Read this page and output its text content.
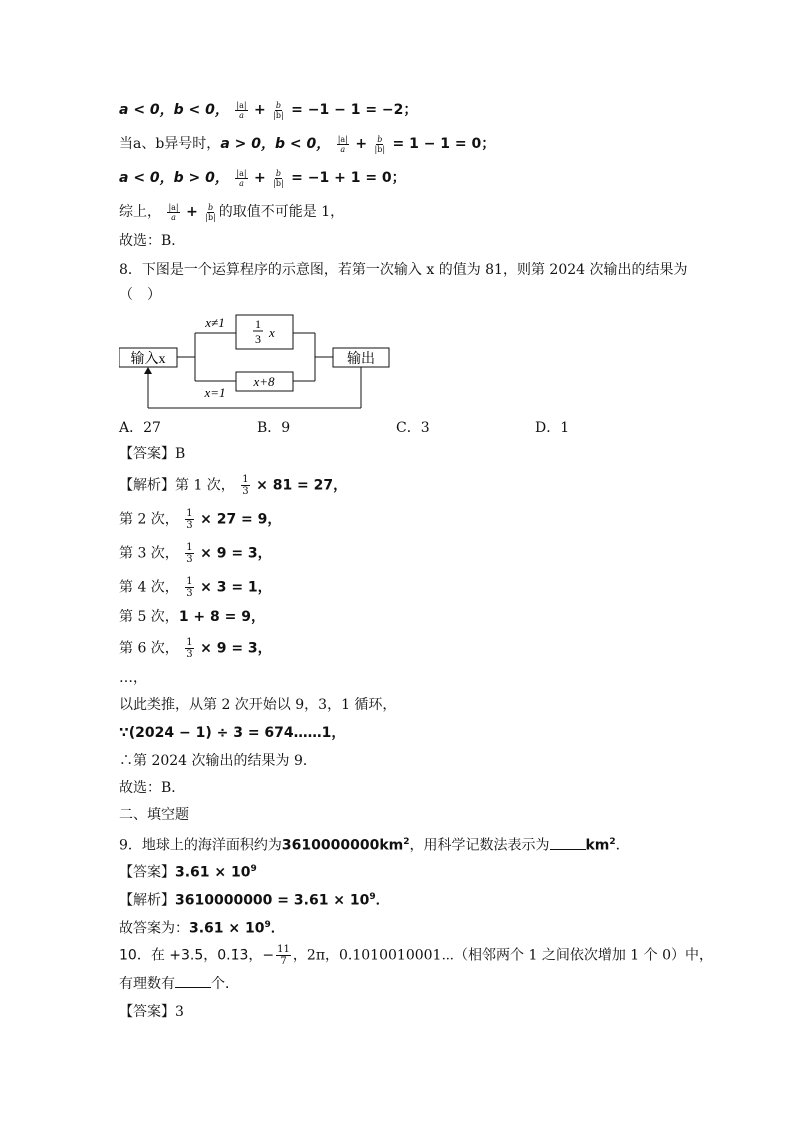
a < 0，b < 0， $\frac{|a|}{a} + \frac{b}{|b|} = -1 - 1 = -2$；
当a、b异号时，a > 0，b < 0， $\frac{|a|}{a} + \frac{b}{|b|} = 1 - 1 = 0$；
a < 0，b > 0， $\frac{|a|}{a} + \frac{b}{|b|} = -1 + 1 = 0$；
综上， $\frac{|a|}{a} + \frac{b}{|b|}$ 的取值不可能是 1，
故选：B．
8．下图是一个运算程序的示意图，若第一次输入 x 的值为 81，则第 2024 次输出的结果为
（　）
输入x
1
3 x
x+8
x≠1
x=1
输出
A．27	B．9	C．3	D．1
【答案】B
【解析】第 1 次， $\frac{1}{3} \times 81 = 27$，
第 2 次， $\frac{1}{3} \times 27 = 9$，
第 3 次， $\frac{1}{3} \times 9 = 3$，
第 4 次， $\frac{1}{3} \times 3 = 1$，
第 5 次，1 + 8 = 9，
第 6 次， $\frac{1}{3} \times 9 = 3$，
…，
以此类推，从第 2 次开始以 9，3，1 循环，
∵(2024 − 1) ÷ 3 = 674……1，
∴第 2024 次输出的结果为 9．
故选：B．
二、填空题
9．地球上的海洋面积约为$3610000000km^2$，用科学记数法表示为	$km^2$．
【答案】$3.61 \times 10^9$
【解析】$3610000000 = 3.61 \times 10^9$．
故答案为：$3.61 \times 10^9$．
10．在 +3.5，0.1̇3̇，− $\frac{11}{7}$ ，2π，0.1010010001⋯（相邻两个 1 之间依次增加 1 个 0）中，
有理数有	个．
【答案】3
